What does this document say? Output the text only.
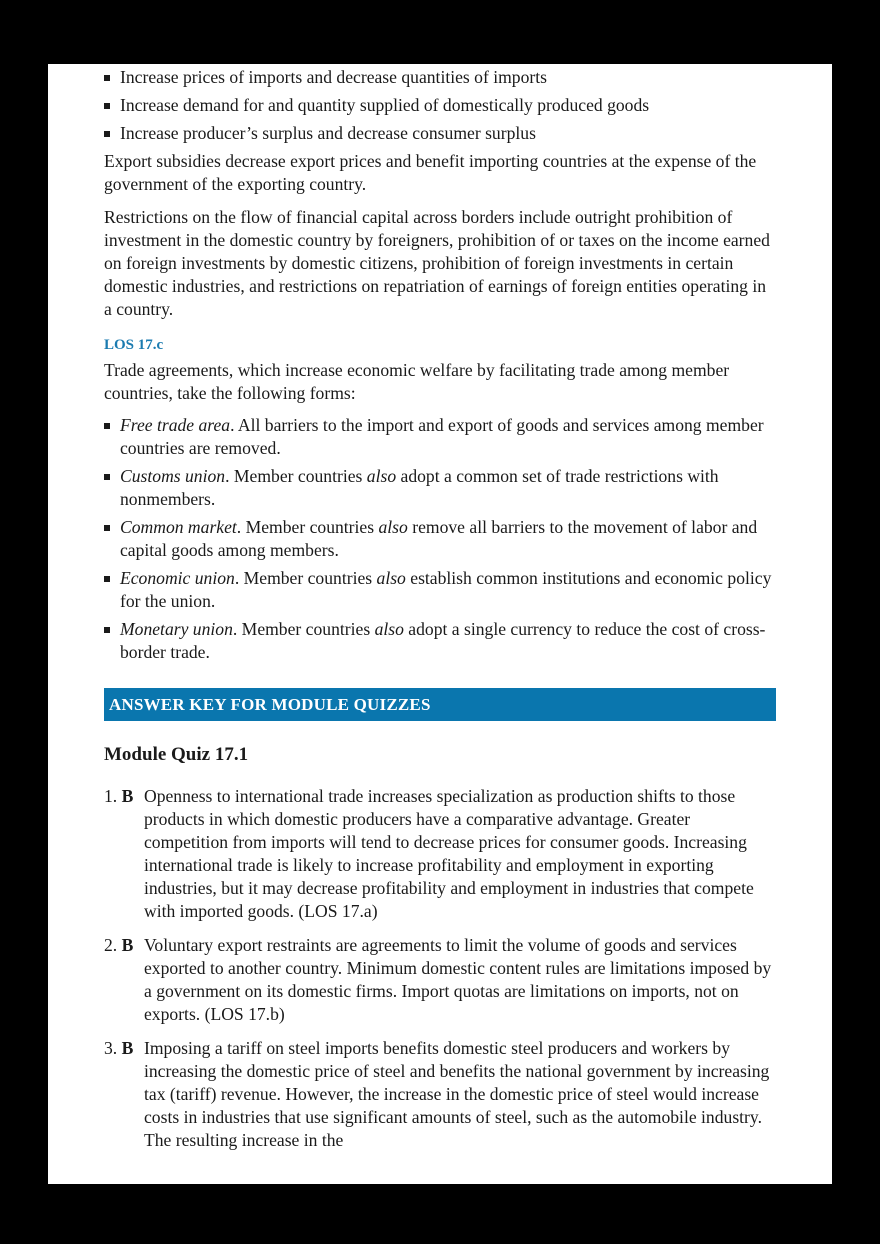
Increase prices of imports and decrease quantities of imports
Increase demand for and quantity supplied of domestically produced goods
Increase producer’s surplus and decrease consumer surplus

Export subsidies decrease export prices and benefit importing countries at the expense of the government of the exporting country.

Restrictions on the flow of financial capital across borders include outright prohibition of investment in the domestic country by foreigners, prohibition of or taxes on the income earned on foreign investments by domestic citizens, prohibition of foreign investments in certain domestic industries, and restrictions on repatriation of earnings of foreign entities operating in a country.

LOS 17.c

Trade agreements, which increase economic welfare by facilitating trade among member countries, take the following forms:

Free trade area. All barriers to the import and export of goods and services among member countries are removed.
Customs union. Member countries also adopt a common set of trade restrictions with nonmembers.
Common market. Member countries also remove all barriers to the movement of labor and capital goods among members.
Economic union. Member countries also establish common institutions and economic policy for the union.
Monetary union. Member countries also adopt a single currency to reduce the cost of cross-border trade.
ANSWER KEY FOR MODULE QUIZZES
Module Quiz 17.1
1. B Openness to international trade increases specialization as production shifts to those products in which domestic producers have a comparative advantage. Greater competition from imports will tend to decrease prices for consumer goods. Increasing international trade is likely to increase profitability and employment in exporting industries, but it may decrease profitability and employment in industries that compete with imported goods. (LOS 17.a)
2. B Voluntary export restraints are agreements to limit the volume of goods and services exported to another country. Minimum domestic content rules are limitations imposed by a government on its domestic firms. Import quotas are limitations on imports, not on exports. (LOS 17.b)
3. B Imposing a tariff on steel imports benefits domestic steel producers and workers by increasing the domestic price of steel and benefits the national government by increasing tax (tariff) revenue. However, the increase in the domestic price of steel would increase costs in industries that use significant amounts of steel, such as the automobile industry. The resulting increase in the
